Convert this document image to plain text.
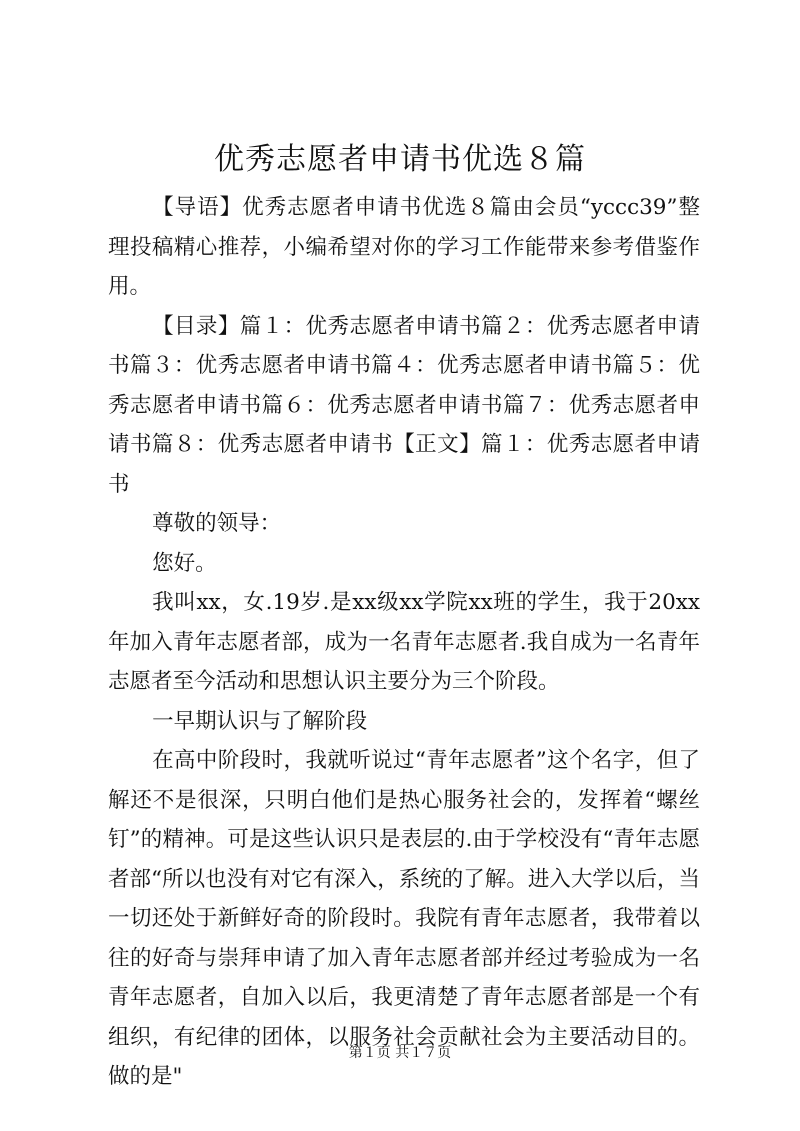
优秀志愿者申请书优选８篇

【导语】优秀志愿者申请书优选８篇由会员“yccc39”整理投稿精心推荐，小编希望对你的学习工作能带来参考借鉴作用。

【目录】篇１：优秀志愿者申请书篇２：优秀志愿者申请书篇３：优秀志愿者申请书篇４：优秀志愿者申请书篇５：优秀志愿者申请书篇６：优秀志愿者申请书篇７：优秀志愿者申请书篇８：优秀志愿者申请书【正文】篇１：优秀志愿者申请书

尊敬的领导：

您好。

我叫xx，女.19岁.是xx级xx学院xx班的学生，我于20xx年加入青年志愿者部，成为一名青年志愿者.我自成为一名青年志愿者至今活动和思想认识主要分为三个阶段。

一早期认识与了解阶段

在高中阶段时，我就听说过“青年志愿者”这个名字，但了解还不是很深，只明白他们是热心服务社会的，发挥着“螺丝钉”的精神。可是这些认识只是表层的.由于学校没有“青年志愿者部“所以也没有对它有深入，系统的了解。进入大学以后，当一切还处于新鲜好奇的阶段时。我院有青年志愿者，我带着以往的好奇与崇拜申请了加入青年志愿者部并经过考验成为一名青年志愿者，自加入以后，我更清楚了青年志愿者部是一个有组织，有纪律的团体，以服务社会贡献社会为主要活动目的。做的是"

第１页 共１７页
